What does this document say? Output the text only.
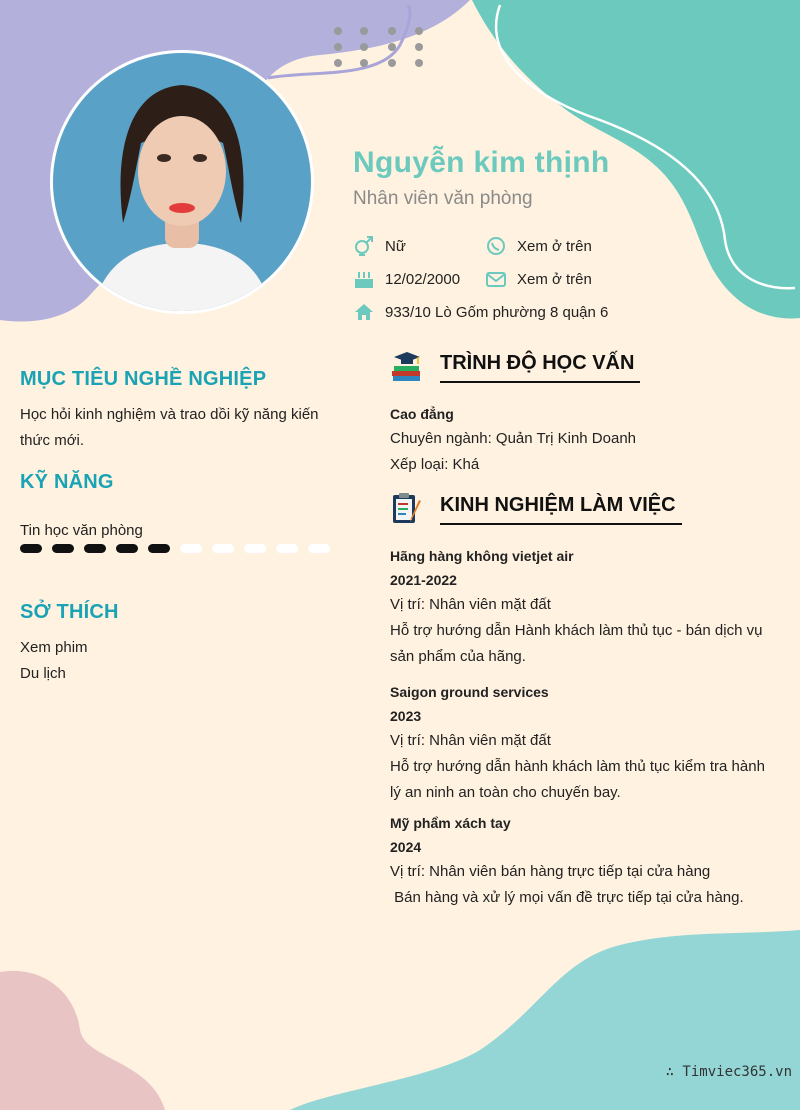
Nguyễn kim thịnh
Nhân viên văn phòng
Nữ	Xem ở trên
12/02/2000	Xem ở trên
933/10 Lò Gốm phường 8 quận 6
MỤC TIÊU NGHỀ NGHIỆP
Học hỏi kinh nghiệm và trao dồi kỹ năng kiến
thức mới.
KỸ NĂNG
Tin học văn phòng
SỞ THÍCH
Xem phim
Du lịch
TRÌNH ĐỘ HỌC VẤN
Cao đẳng
Chuyên ngành: Quản Trị Kinh Doanh
Xếp loại: Khá
KINH NGHIỆM LÀM VIỆC
Hãng hàng không vietjet air
2021-2022
Vị trí: Nhân viên mặt đất
Hỗ trợ hướng dẫn Hành khách làm thủ tục - bán dịch vụ
sản phẩm của hãng.
Saigon ground services
2023
Vị trí: Nhân viên mặt đất
Hỗ trợ hướng dẫn hành khách làm thủ tục kiểm tra hành
lý an ninh an toàn cho chuyến bay.
Mỹ phẩm xách tay
2024
Vị trí: Nhân viên bán hàng trực tiếp tại cửa hàng
Bán hàng và xử lý mọi vấn đề trực tiếp tại cửa hàng.
∴ Timviec365.vn
